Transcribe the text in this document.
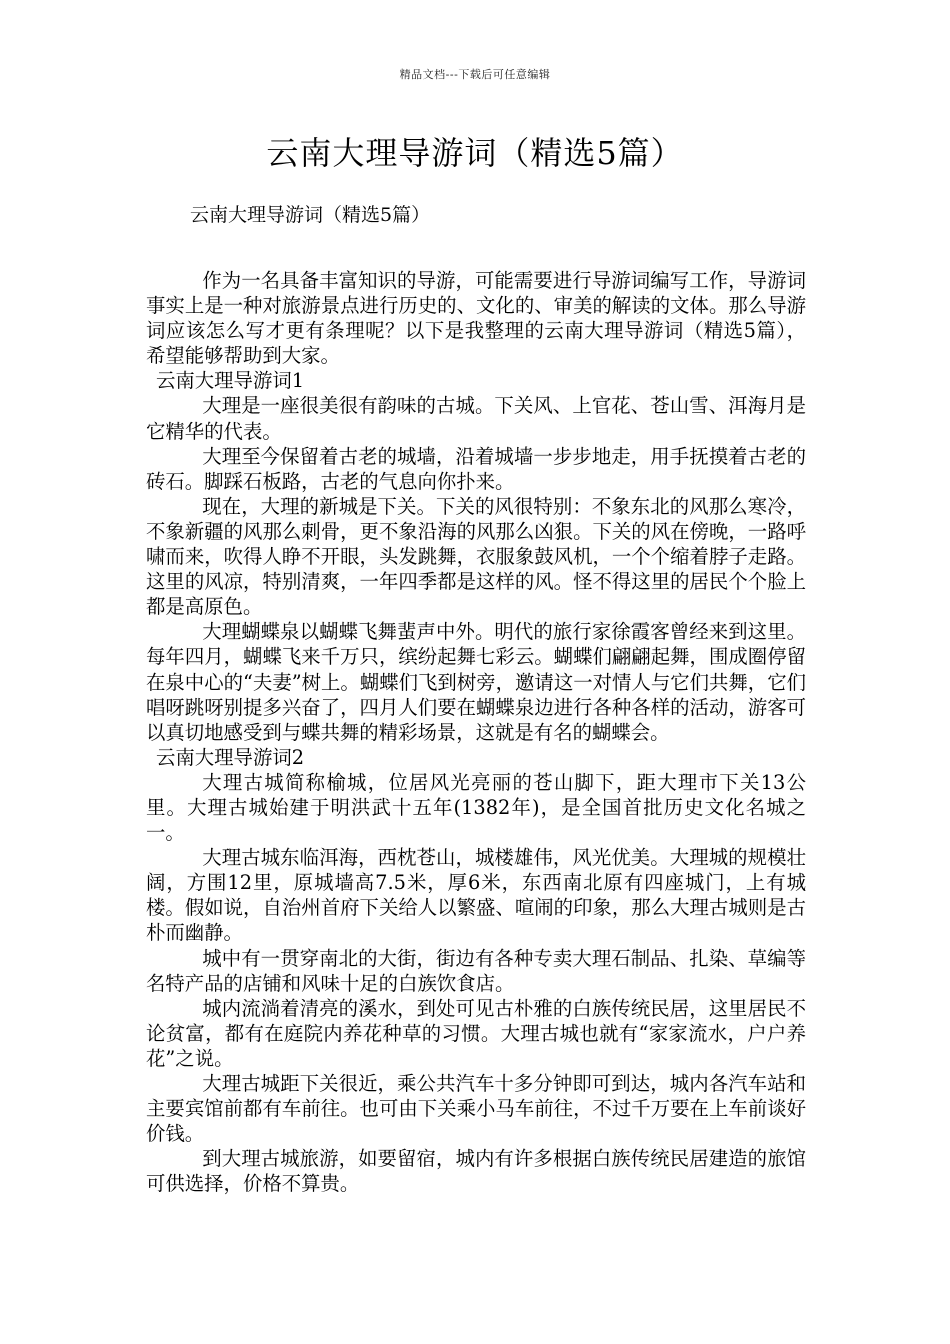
精品文档---下载后可任意编辑
云南大理导游词（精选5篇）
云南大理导游词（精选5篇）

作为一名具备丰富知识的导游，可能需要进行导游词编写工作，导游词事实上是一种对旅游景点进行历史的、文化的、审美的解读的文体。那么导游词应该怎么写才更有条理呢？以下是我整理的云南大理导游词（精选5篇），希望能够帮助到大家。

云南大理导游词1

大理是一座很美很有韵味的古城。下关风、上官花、苍山雪、洱海月是它精华的代表。

大理至今保留着古老的城墙，沿着城墙一步步地走，用手抚摸着古老的砖石。脚踩石板路，古老的气息向你扑来。

现在，大理的新城是下关。下关的风很特别：不象东北的风那么寒冷，不象新疆的风那么刺骨，更不象沿海的风那么凶狠。下关的风在傍晚，一路呼啸而来，吹得人睁不开眼，头发跳舞，衣服象鼓风机，一个个缩着脖子走路。这里的风凉，特别清爽，一年四季都是这样的风。怪不得这里的居民个个脸上都是高原色。

大理蝴蝶泉以蝴蝶飞舞蜚声中外。明代的旅行家徐霞客曾经来到这里。每年四月，蝴蝶飞来千万只，缤纷起舞七彩云。蝴蝶们翩翩起舞，围成圈停留在泉中心的“夫妻”树上。蝴蝶们飞到树旁，邀请这一对情人与它们共舞，它们唱呀跳呀别提多兴奋了，四月人们要在蝴蝶泉边进行各种各样的活动，游客可以真切地感受到与蝶共舞的精彩场景，这就是有名的蝴蝶会。

云南大理导游词2

大理古城简称榆城，位居风光亮丽的苍山脚下，距大理市下关13公里。大理古城始建于明洪武十五年(1382年)，是全国首批历史文化名城之一。

大理古城东临洱海，西枕苍山，城楼雄伟，风光优美。大理城的规模壮阔，方围12里，原城墙高7.5米，厚6米，东西南北原有四座城门，上有城楼。假如说，自治州首府下关给人以繁盛、喧闹的印象，那么大理古城则是古朴而幽静。

城中有一贯穿南北的大街，街边有各种专卖大理石制品、扎染、草编等名特产品的店铺和风味十足的白族饮食店。

城内流淌着清亮的溪水，到处可见古朴雅的白族传统民居，这里居民不论贫富，都有在庭院内养花种草的习惯。大理古城也就有“家家流水，户户养花”之说。

大理古城距下关很近，乘公共汽车十多分钟即可到达，城内各汽车站和主要宾馆前都有车前往。也可由下关乘小马车前往，不过千万要在上车前谈好价钱。

到大理古城旅游，如要留宿，城内有许多根据白族传统民居建造的旅馆可供选择，价格不算贵。
